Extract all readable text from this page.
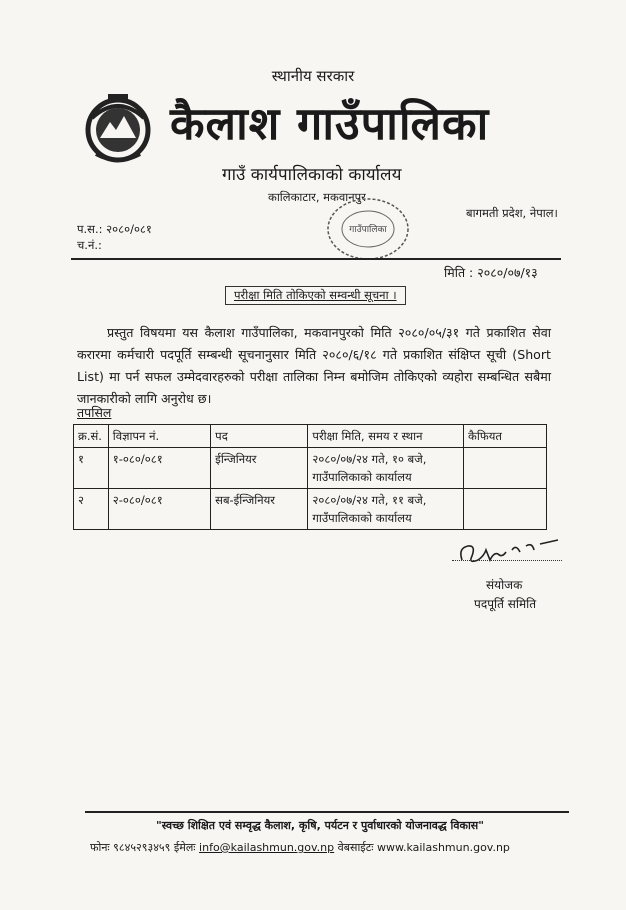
स्थानीय सरकार
कैलाश गाउँपालिका
गाउँ कार्यपालिकाको कार्यालय
कालिकाटार, मकवानपुर
गाउँपालिका
बागमती प्रदेश, नेपाल।
प.स.: २०८०/०८१
च.नं.:
मिति : २०८०/०७/१३
परीक्षा मिति तोकिएको सम्वन्धी सूचना ।
प्रस्तुत विषयमा यस कैलाश गाउँपालिका, मकवानपुरको मिति २०८०/०५/३१ गते प्रकाशित सेवा करारमा कर्मचारी पदपूर्ति सम्बन्धी सूचनानुसार मिति २०८०/६/१८ गते प्रकाशित संक्षिप्त सूची (Short List) मा पर्न सफल उम्मेदवारहरुको परीक्षा तालिका निम्न बमोजिम तोकिएको व्यहोरा सम्बन्धित सबैमा जानकारीको लागि अनुरोध छ।
तपसिल
क्र.सं.	विज्ञापन नं.	पद	परीक्षा मिति, समय र स्थान	कैफियत
१	१-०८०/०८१	ईन्जिनियर	२०८०/०७/२४ गते, १० बजे, गाउँपालिकाको कार्यालय	
२	२-०८०/०८१	सब-ईन्जिनियर	२०८०/०७/२४ गते, ११ बजे, गाउँपालिकाको कार्यालय	
संयोजक
पदपूर्ति समिति
"स्वच्छ शिक्षित एवं सम्वृद्ध कैलाश, कृषि, पर्यटन र पुर्वाधारको योजनावद्ध विकास"
फोनः ९८४५२९३४५९ ईमेलः info@kailashmun.gov.np वेबसाईटः www.kailashmun.gov.np
